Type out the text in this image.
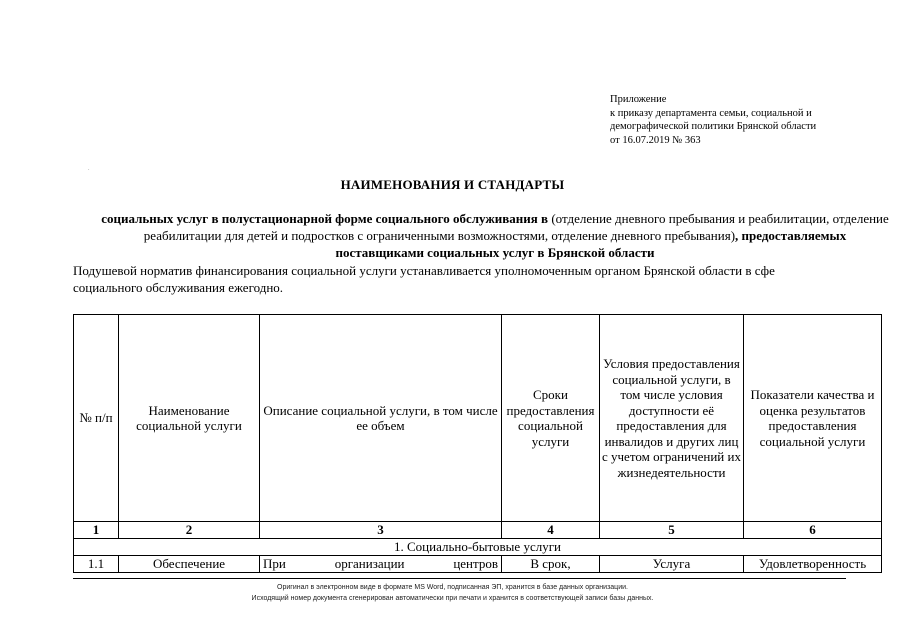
Приложение
к приказу департамента семьи, социальной и
демографической политики Брянской области
от 16.07.2019 № 363
.
НАИМЕНОВАНИЯ И СТАНДАРТЫ
социальных услуг в полустационарной форме социального обслуживания в (отделение дневного пребывания и реабилитации, отделение реабилитации для детей и подростков с ограниченными возможностями, отделение дневного пребывания), предоставляемых поставщиками социальных услуг в Брянской области
Подушевой норматив финансирования социальной услуги устанавливается уполномоченным органом Брянской области в сфе
социального обслуживания ежегодно.
№ п/п	Наименование социальной услуги	Описание социальной услуги, в том числе ее объем	Сроки предоставления социальной услуги	Условия предоставления социальной услуги, в том числе условия доступности её предоставления для инвалидов и других лиц с учетом ограничений их жизнедеятельности	Показатели качества и оценка результатов предоставления социальной услуги
1	2	3	4	5	6
1. Социально-бытовые услуги					
1.1	Обеспечение	При организации центров	В срок,	Услуга	Удовлетворенность
Оригинал в электронном виде в формате MS Word, подписанная ЭП, хранится в базе данных организации.
Исходящий номер документа сгенерирован автоматически при печати и хранится в соответствующей записи базы данных.
